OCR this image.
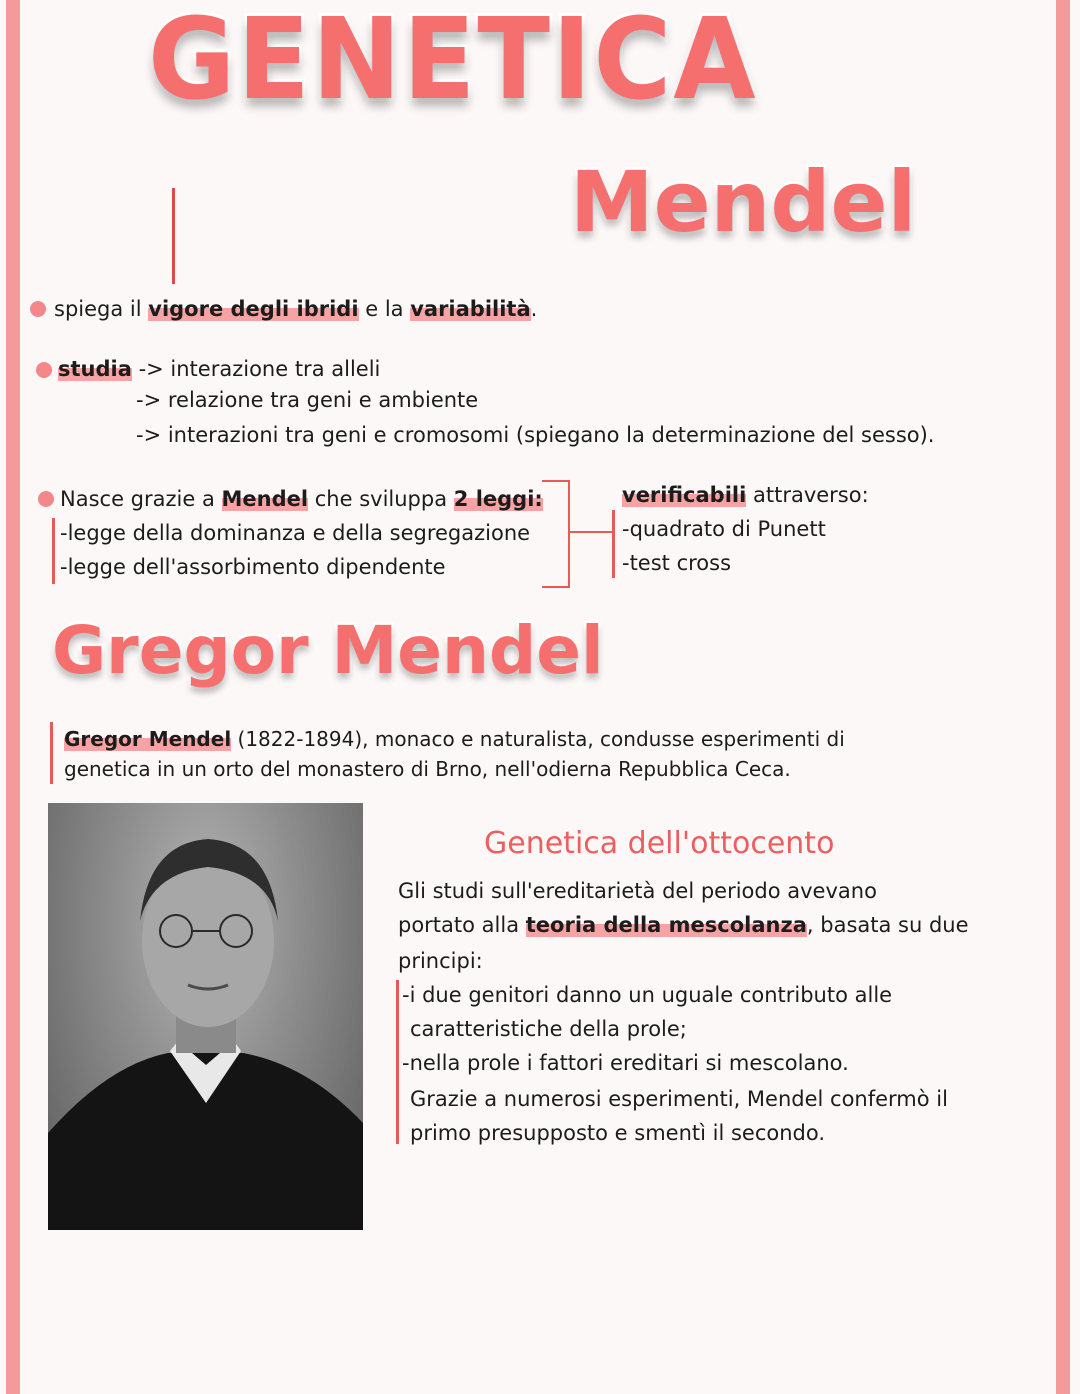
GENETICA
Mendel
spiega il vigore degli ibridi e la variabilità.
studia -> interazione tra alleli
-> relazione tra geni e ambiente
-> interazioni tra geni e cromosomi (spiegano la determinazione del sesso).
Nasce grazie a Mendel che sviluppa 2 leggi:
-legge della dominanza e della segregazione
-legge dell'assorbimento dipendente
verificabili attraverso:
-quadrato di Punett
-test cross
Gregor Mendel
Gregor Mendel (1822-1894), monaco e naturalista, condusse esperimenti di
genetica in un orto del monastero di Brno, nell'odierna Repubblica Ceca.
Genetica dell'ottocento
Gli studi sull'ereditarietà del periodo avevano
portato alla teoria della mescolanza, basata su due
principi:
-i due genitori danno un uguale contributo alle
caratteristiche della prole;
-nella prole i fattori ereditari si mescolano.
Grazie a numerosi esperimenti, Mendel confermò il
primo presupposto e smentì il secondo.
